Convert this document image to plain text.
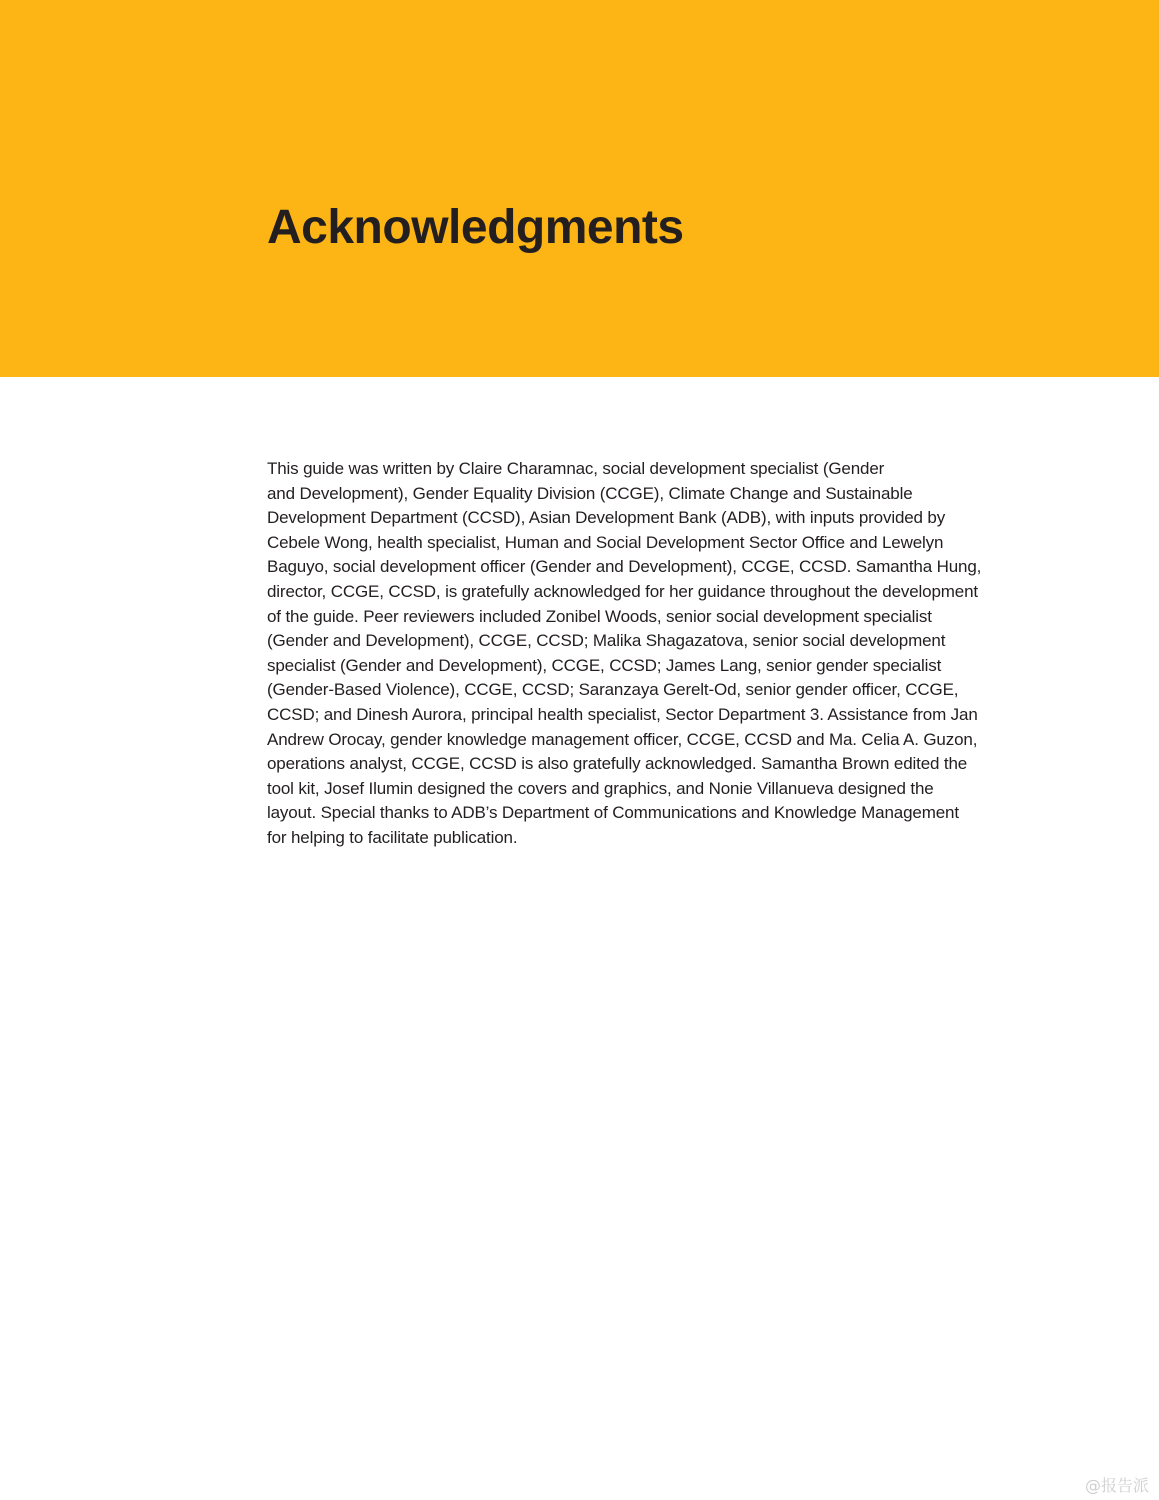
Acknowledgments
This guide was written by Claire Charamnac, social development specialist (Gender
and Development), Gender Equality Division (CCGE), Climate Change and Sustainable
Development Department (CCSD), Asian Development Bank (ADB), with inputs provided by
Cebele Wong, health specialist, Human and Social Development Sector Office and Lewelyn
Baguyo, social development officer (Gender and Development), CCGE, CCSD. Samantha Hung,
director, CCGE, CCSD, is gratefully acknowledged for her guidance throughout the development
of the guide. Peer reviewers included Zonibel Woods, senior social development specialist
(Gender and Development), CCGE, CCSD; Malika Shagazatova, senior social development
specialist (Gender and Development), CCGE, CCSD; James Lang, senior gender specialist
(Gender-Based Violence), CCGE, CCSD; Saranzaya Gerelt-Od, senior gender officer, CCGE,
CCSD; and Dinesh Aurora, principal health specialist, Sector Department 3. Assistance from Jan
Andrew Orocay, gender knowledge management officer, CCGE, CCSD and Ma. Celia A. Guzon,
operations analyst, CCGE, CCSD is also gratefully acknowledged. Samantha Brown edited the
tool kit, Josef Ilumin designed the covers and graphics, and Nonie Villanueva designed the
layout. Special thanks to ADB’s Department of Communications and Knowledge Management
for helping to facilitate publication.
@报告派
